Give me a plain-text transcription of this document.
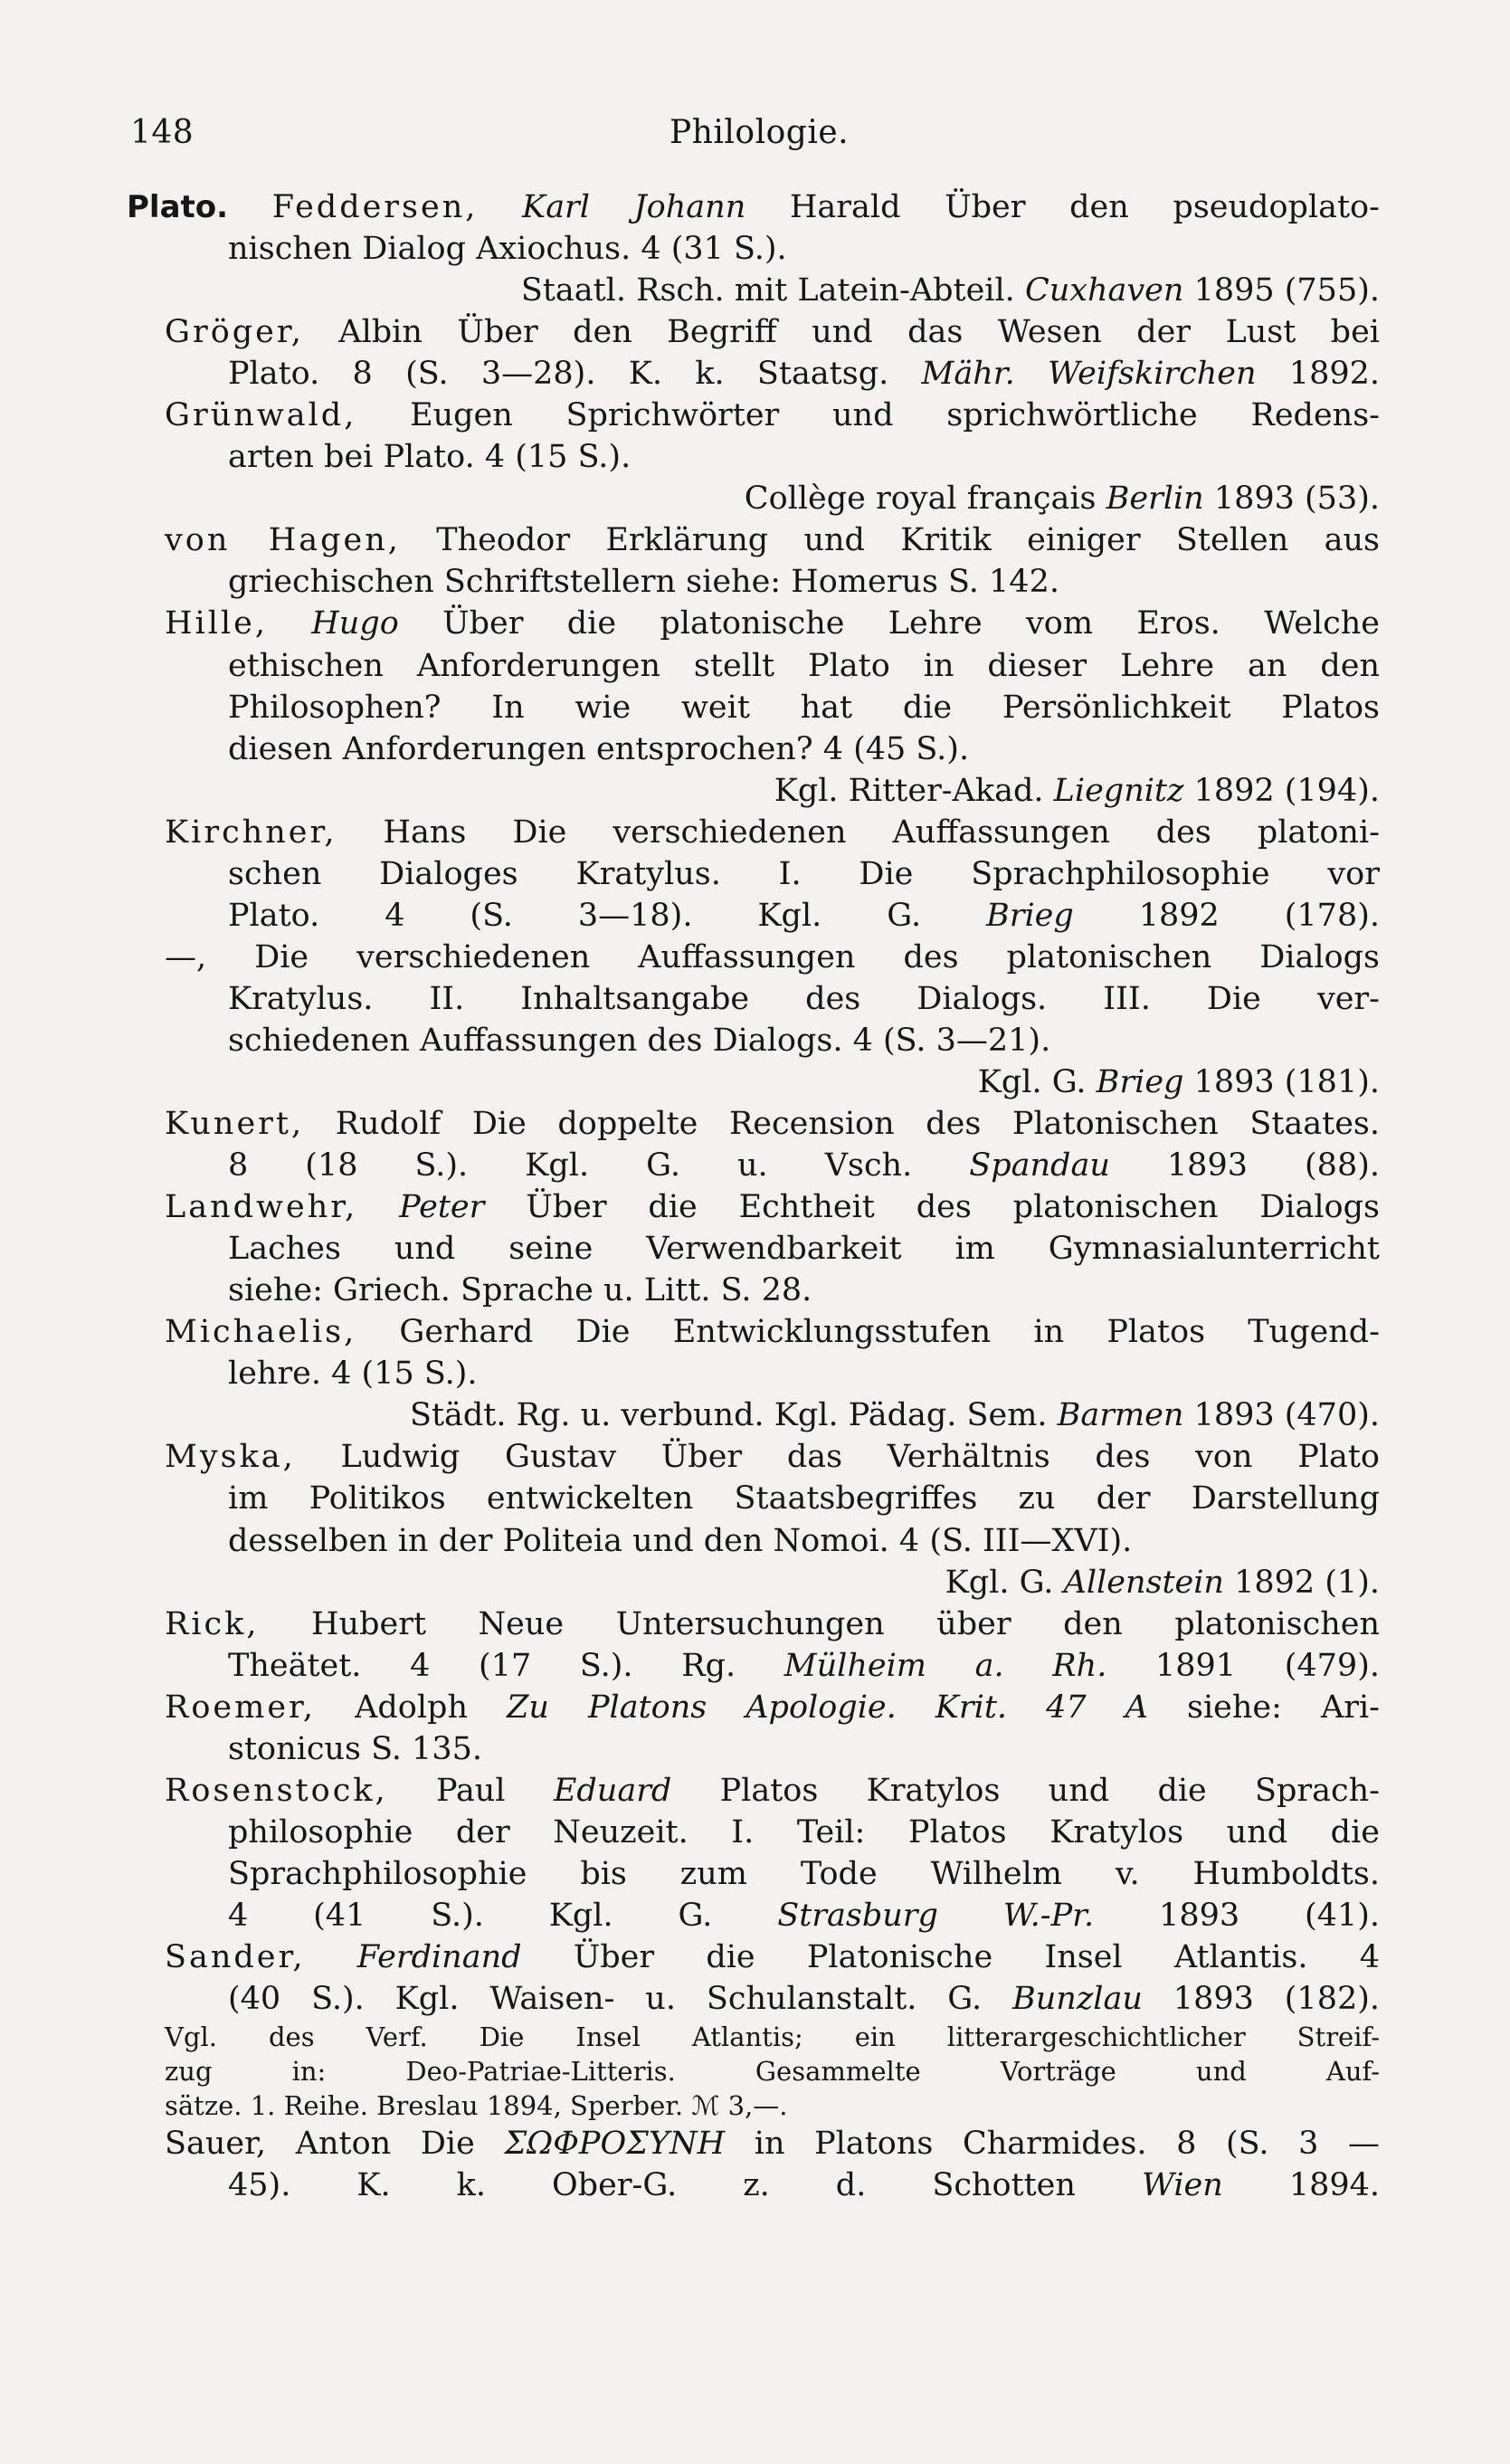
148	Philologie.
Plato. Feddersen, Karl Johann Harald Über den pseudoplato-
nischen Dialog Axiochus. 4 (31 S.).
Staatl. Rsch. mit Latein-Abteil. Cuxhaven 1895 (755).
Gröger, Albin Über den Begriff und das Wesen der Lust bei
Plato. 8 (S. 3—28). K. k. Staatsg. Mähr. Weifskirchen 1892.
Grünwald, Eugen Sprichwörter und sprichwörtliche Redens-
arten bei Plato. 4 (15 S.).
Collège royal français Berlin 1893 (53).
von Hagen, Theodor Erklärung und Kritik einiger Stellen aus
griechischen Schriftstellern siehe: Homerus S. 142.
Hille, Hugo Über die platonische Lehre vom Eros. Welche
ethischen Anforderungen stellt Plato in dieser Lehre an den
Philosophen? In wie weit hat die Persönlichkeit Platos
diesen Anforderungen entsprochen? 4 (45 S.).
Kgl. Ritter-Akad. Liegnitz 1892 (194).
Kirchner, Hans Die verschiedenen Auffassungen des platoni-
schen Dialoges Kratylus. I. Die Sprachphilosophie vor
Plato. 4 (S. 3—18). Kgl. G. Brieg 1892 (178).
—, Die verschiedenen Auffassungen des platonischen Dialogs
Kratylus. II. Inhaltsangabe des Dialogs. III. Die ver-
schiedenen Auffassungen des Dialogs. 4 (S. 3—21).
Kgl. G. Brieg 1893 (181).
Kunert, Rudolf Die doppelte Recension des Platonischen Staates.
8 (18 S.). Kgl. G. u. Vsch. Spandau 1893 (88).
Landwehr, Peter Über die Echtheit des platonischen Dialogs
Laches und seine Verwendbarkeit im Gymnasialunterricht
siehe: Griech. Sprache u. Litt. S. 28.
Michaelis, Gerhard Die Entwicklungsstufen in Platos Tugend-
lehre. 4 (15 S.).
Städt. Rg. u. verbund. Kgl. Pädag. Sem. Barmen 1893 (470).
Myska, Ludwig Gustav Über das Verhältnis des von Plato
im Politikos entwickelten Staatsbegriffes zu der Darstellung
desselben in der Politeia und den Nomoi. 4 (S. III—XVI).
Kgl. G. Allenstein 1892 (1).
Rick, Hubert Neue Untersuchungen über den platonischen
Theätet. 4 (17 S.). Rg. Mülheim a. Rh. 1891 (479).
Roemer, Adolph Zu Platons Apologie. Krit. 47 A siehe: Ari-
stonicus S. 135.
Rosenstock, Paul Eduard Platos Kratylos und die Sprach-
philosophie der Neuzeit. I. Teil: Platos Kratylos und die
Sprachphilosophie bis zum Tode Wilhelm v. Humboldts.
4 (41 S.). Kgl. G. Strasburg W.-Pr. 1893 (41).
Sander, Ferdinand Über die Platonische Insel Atlantis. 4
(40 S.). Kgl. Waisen- u. Schulanstalt. G. Bunzlau 1893 (182).
Vgl. des Verf. Die Insel Atlantis; ein litterargeschichtlicher Streif-
zug in: Deo-Patriae-Litteris. Gesammelte Vorträge und Auf-
sätze. 1. Reihe. Breslau 1894, Sperber. ℳ 3,—.
Sauer, Anton Die ΣΩΦΡΟΣΥΝΗ in Platons Charmides. 8 (S. 3 —
45). K. k. Ober-G. z. d. Schotten Wien 1894.
